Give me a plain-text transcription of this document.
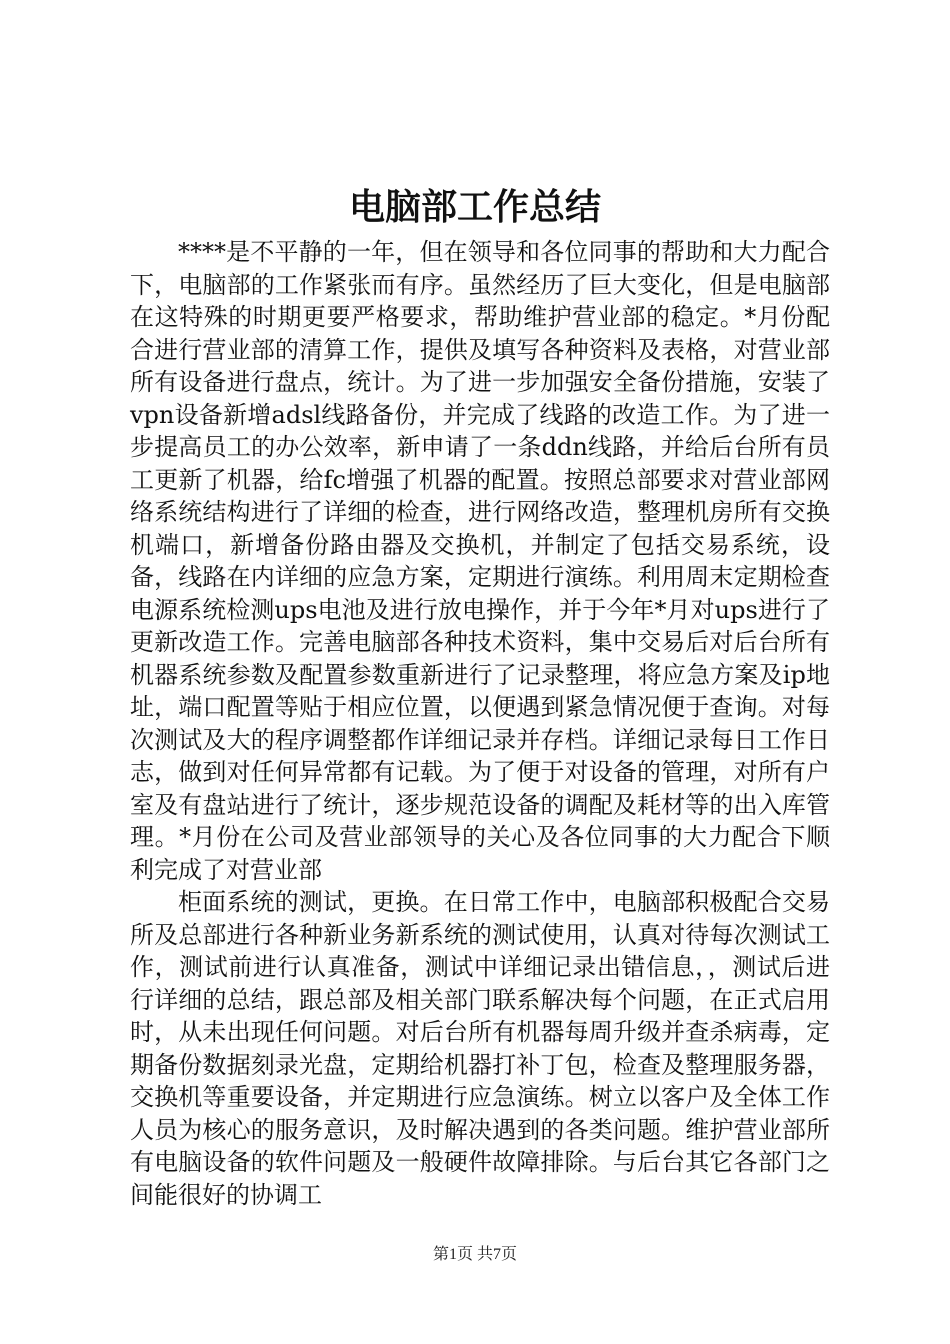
电脑部工作总结

****是不平静的一年，但在领导和各位同事的帮助和大力配合下，电脑部的工作紧张而有序。虽然经历了巨大变化，但是电脑部在这特殊的时期更要严格要求，帮助维护营业部的稳定。*月份配合进行营业部的清算工作，提供及填写各种资料及表格，对营业部所有设备进行盘点，统计。为了进一步加强安全备份措施，安装了vpn设备新增adsl线路备份，并完成了线路的改造工作。为了进一步提高员工的办公效率，新申请了一条ddn线路，并给后台所有员工更新了机器，给fc增强了机器的配置。按照总部要求对营业部网络系统结构进行了详细的检查，进行网络改造，整理机房所有交换机端口，新增备份路由器及交换机，并制定了包括交易系统，设备，线路在内详细的应急方案，定期进行演练。利用周末定期检查电源系统检测ups电池及进行放电操作，并于今年*月对ups进行了更新改造工作。完善电脑部各种技术资料，集中交易后对后台所有机器系统参数及配置参数重新进行了记录整理，将应急方案及ip地址，端口配置等贴于相应位置，以便遇到紧急情况便于查询。对每次测试及大的程序调整都作详细记录并存档。详细记录每日工作日志，做到对任何异常都有记载。为了便于对设备的管理，对所有户室及有盘站进行了统计，逐步规范设备的调配及耗材等的出入库管理。*月份在公司及营业部领导的关心及各位同事的大力配合下顺利完成了对营业部

柜面系统的测试，更换。在日常工作中，电脑部积极配合交易所及总部进行各种新业务新系统的测试使用，认真对待每次测试工作，测试前进行认真准备，测试中详细记录出错信息，，测试后进行详细的总结，跟总部及相关部门联系解决每个问题，在正式启用时，从未出现任何问题。对后台所有机器每周升级并查杀病毒，定期备份数据刻录光盘，定期给机器打补丁包，检查及整理服务器，交换机等重要设备，并定期进行应急演练。树立以客户及全体工作人员为核心的服务意识，及时解决遇到的各类问题。维护营业部所有电脑设备的软件问题及一般硬件故障排除。与后台其它各部门之间能很好的协调工

第1页 共7页
